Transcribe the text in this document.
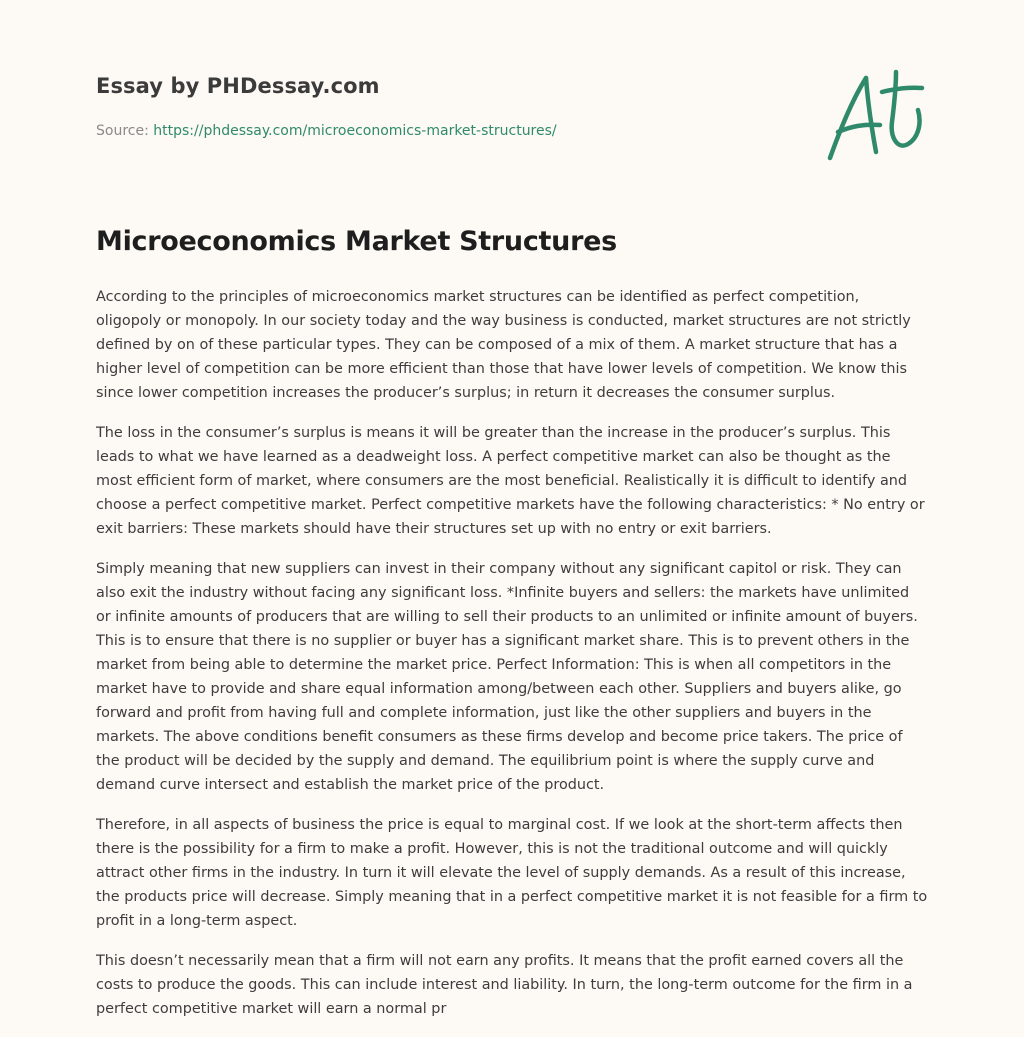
Essay by PHDessay.com
Source: https://phdessay.com/microeconomics-market-structures/
Microeconomics Market Structures

According to the principles of microeconomics market structures can be identified as perfect competition, oligopoly or monopoly. In our society today and the way business is conducted, market structures are not strictly defined by on of these particular types. They can be composed of a mix of them. A market structure that has a higher level of competition can be more efficient than those that have lower levels of competition. We know this since lower competition increases the producer’s surplus; in return it decreases the consumer surplus.

The loss in the consumer’s surplus is means it will be greater than the increase in the producer’s surplus. This leads to what we have learned as a deadweight loss. A perfect competitive market can also be thought as the most efficient form of market, where consumers are the most beneficial. Realistically it is difficult to identify and choose a perfect competitive market. Perfect competitive markets have the following characteristics: * No entry or exit barriers: These markets should have their structures set up with no entry or exit barriers.

Simply meaning that new suppliers can invest in their company without any significant capitol or risk. They can also exit the industry without facing any significant loss. *Infinite buyers and sellers: the markets have unlimited or infinite amounts of producers that are willing to sell their products to an unlimited or infinite amount of buyers. This is to ensure that there is no supplier or buyer has a significant market share. This is to prevent others in the market from being able to determine the market price. Perfect Information: This is when all competitors in the market have to provide and share equal information among/between each other. Suppliers and buyers alike, go forward and profit from having full and complete information, just like the other suppliers and buyers in the markets. The above conditions benefit consumers as these firms develop and become price takers. The price of the product will be decided by the supply and demand. The equilibrium point is where the supply curve and demand curve intersect and establish the market price of the product.

Therefore, in all aspects of business the price is equal to marginal cost. If we look at the short-term affects then there is the possibility for a firm to make a profit. However, this is not the traditional outcome and will quickly attract other firms in the industry. In turn it will elevate the level of supply demands. As a result of this increase, the products price will decrease. Simply meaning that in a perfect competitive market it is not feasible for a firm to profit in a long-term aspect.

This doesn’t necessarily mean that a firm will not earn any profits. It means that the profit earned covers all the costs to produce the goods. This can include interest and liability. In turn, the long-term outcome for the firm in a perfect competitive market will earn a normal pr
